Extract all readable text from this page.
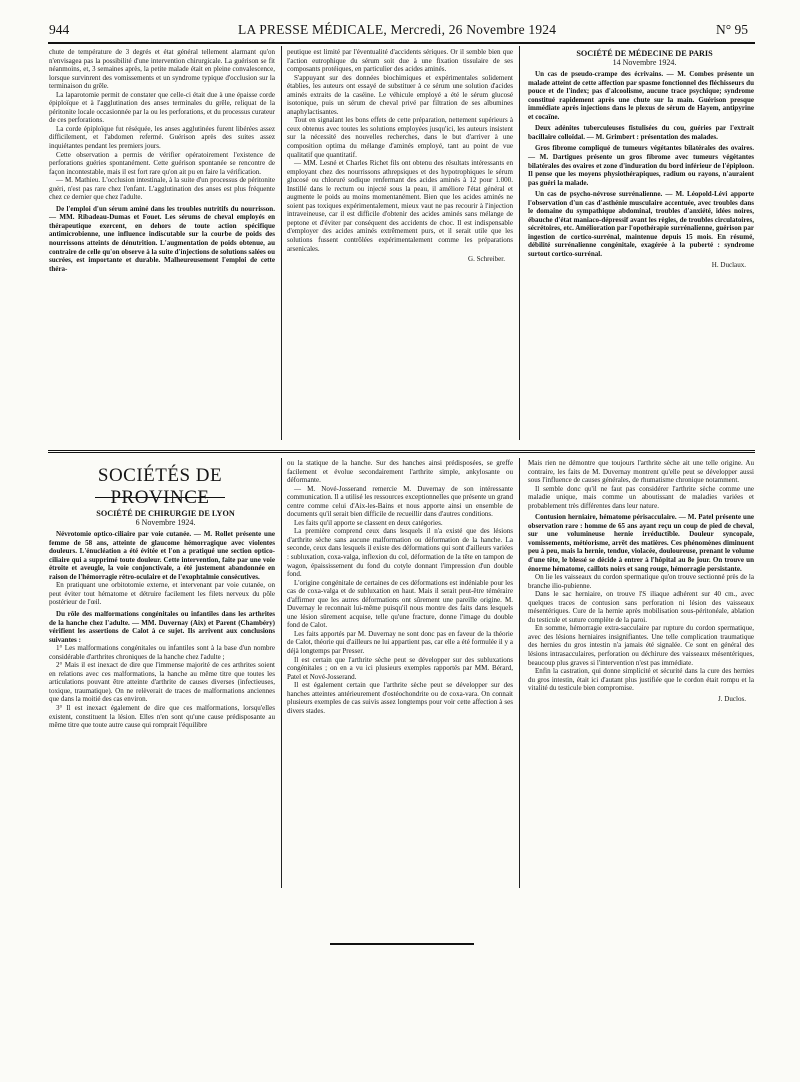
944	LA PRESSE MÉDICALE, Mercredi, 26 Novembre 1924	N° 95

chute de température de 3 degrés et état général tellement alarmant qu'on n'envisagea pas la possibilité d'une intervention chirurgicale. La guérison se fit néanmoins, et, 3 semaines après, la petite malade était en pleine convalescence, lorsque survinrent des vomissements et un syndrome typique d'occlusion sur la terminaison du grêle.

La laparotomie permit de constater que celle-ci était due à une épaisse corde épiploïque et à l'agglutination des anses terminales du grêle, reliquat de la péritonite locale occasionnée par la ou les perforations, et du processus curateur de ces perforations.

La corde épiploïque fut réséquée, les anses agglutinées furent libérées assez difficilement, et l'abdomen refermé. Guérison après des suites assez inquiétantes pendant les premiers jours.

Cette observation a permis de vérifier opératoirement l'existence de perforations guéries spontanément. Cette guérison spontanée se rencontre de façon incontestable, mais il est fort rare qu'on ait pu en faire la vérification.

— M. Mathieu. L'occlusion intestinale, à la suite d'un processus de péritonite guéri, n'est pas rare chez l'enfant. L'agglutination des anses est plus fréquente chez ce dernier que chez l'adulte.

De l'emploi d'un sérum aminé dans les troubles nutritifs du nourrisson. — MM. Ribadeau-Dumas et Fouet. Les sérums de cheval employés en thérapeutique exercent, en dehors de toute action spécifique antimicrobienne, une influence indiscutable sur la courbe de poids des nourrissons atteints de dénutrition. L'augmentation de poids obtenue, au contraire de celle qu'on observe à la suite d'injections de solutions salées ou sucrées, est importante et durable. Malheureusement l'emploi de cette théra-

peutique est limité par l'éventualité d'accidents sériques. Or il semble bien que l'action eutrophique du sérum soit due à une fixation tissulaire de ses composants protéiques, en particulier des acides aminés.

S'appuyant sur des données biochimiques et expérimentales solidement établies, les auteurs ont essayé de substituer à ce sérum une solution d'acides aminés extraits de la caséine. Le véhicule employé a été le sérum glucosé isotonique, puis un sérum de cheval privé par filtration de ses albumines anaphylactisantes.

Tout en signalant les bons effets de cette préparation, nettement supérieurs à ceux obtenus avec toutes les solutions employées jusqu'ici, les auteurs insistent sur la nécessité des nouvelles recherches, dans le but d'arriver à une composition optima du mélange d'aminés employé, tant au point de vue qualitatif que quantitatif.

— MM. Lesné et Charles Richet fils ont obtenu des résultats intéressants en employant chez des nourrissons athrepsiques et des hypotrophiques le sérum glucosé ou chloruré sodique renfermant des acides aminés à 12 pour 1.000. Instillé dans le rectum ou injecté sous la peau, il améliore l'état général et augmente le poids au moins momentanément. Bien que les acides aminés ne soient pas toxiques expérimentalement, mieux vaut ne pas recourir à l'injection intraveineuse, car il est difficile d'obtenir des acides aminés sans mélange de peptone et d'éviter par conséquent des accidents de choc. Il est indispensable d'employer des acides aminés extrêmement purs, et il serait utile que les solutions fussent contrôlées expérimentalement comme les préparations arsenicales.

G. Schreiber.

SOCIÉTÉ DE MÉDECINE DE PARIS

14 Novembre 1924.

Un cas de pseudo-crampe des écrivains. — M. Combes présente un malade atteint de cette affection par spasme fonctionnel des fléchisseurs du pouce et de l'index; pas d'alcoolisme, aucune trace psychique; syndrome constitué rapidement après une chute sur la main. Guérison presque immédiate après injections dans le plexus de sérum de Hayem, antipyrine et cocaïne.

Deux adénites tuberculeuses fistulisées du cou, guéries par l'extrait bacillaire colloïdal. — M. Grimbert : présentation des malades.

Gros fibrome compliqué de tumeurs végétantes bilatérales des ovaires. — M. Dartigues présente un gros fibrome avec tumeurs végétantes bilatérales des ovaires et zone d'induration du bord inférieur de l'épiploon. Il pense que les moyens physiothérapiques, radium ou rayons, n'auraient pas guéri la malade.

Un cas de psycho-névrose surrénalienne. — M. Léopold-Lévi apporte l'observation d'un cas d'asthénie musculaire accentuée, avec troubles dans le domaine du sympathique abdominal, troubles d'anxiété, idées noires, ébauche d'état maniaco-dépressif avant les règles, de troubles circulatoires, sécrétoires, etc. Amélioration par l'opothérapie surrénalienne, guérison par ingestion de cortico-surrénal, maintenue depuis 15 mois. En résumé, débilité surrénalienne congénitale, exagérée à la puberté : syndrome surtout cortico-surrénal.

H. Duclaux.

SOCIÉTÉS DE PROVINCE

SOCIÉTÉ DE CHIRURGIE DE LYON

6 Novembre 1924.

Névrotomie optico-ciliaire par voie cutanée. — M. Rollet présente une femme de 58 ans, atteinte de glaucome hémorragique avec violentes douleurs. L'énucléation a été évitée et l'on a pratiqué une section optico-ciliaire qui a supprimé toute douleur. Cette intervention, faite par une voie étroite et aveugle, la voie conjonctivale, a été justement abandonnée en raison de l'hémorragie rétro-oculaire et de l'exophtalmie consécutives.

En pratiquant une orbitotomie externe, et intervenant par voie cutanée, on peut éviter tout hématome et détruire facilement les filets nerveux du pôle postérieur de l'œil.

Du rôle des malformations congénitales ou infantiles dans les arthrites de la hanche chez l'adulte. — MM. Duvernay (Aix) et Parent (Chambéry) vérifient les assertions de Calot à ce sujet. Ils arrivent aux conclusions suivantes :

1° Les malformations congénitales ou infantiles sont à la base d'un nombre considérable d'arthrites chroniques de la hanche chez l'adulte ;

2° Mais il est inexact de dire que l'immense majorité de ces arthrites soient en relations avec ces malformations, la hanche au même titre que toutes les articulations pouvant être atteinte d'arthrite de causes diverses (infectieuses, toxique, traumatique). On ne relèverait de traces de malformations anciennes que dans la moitié des cas environ.

3° Il est inexact également de dire que ces malformations, lorsqu'elles existent, constituent la lésion. Elles n'en sont qu'une cause prédisposante au même titre que toute autre cause qui romprait l'équilibre

ou la statique de la hanche. Sur des hanches ainsi prédisposées, se greffe facilement et évolue secondairement l'arthrite simple, ankylosante ou déformante.

— M. Nové-Josserand remercie M. Duvernay de son intéressante communication. Il a utilisé les ressources exceptionnelles que présente un grand centre comme celui d'Aix-les-Bains et nous apporte ainsi un ensemble de documents qu'il serait bien difficile de recueillir dans d'autres conditions.

Les faits qu'il apporte se classent en deux catégories.

La première comprend ceux dans lesquels il n'a existé que des lésions d'arthrite sèche sans aucune malformation ou déformation de la hanche. La seconde, ceux dans lesquels il existe des déformations qui sont d'ailleurs variées : subluxation, coxa-valga, inflexion du col, déformation de la tête en tampon de wagon, épaississement du fond du cotyle donnant l'impression d'un double fond.

L'origine congénitale de certaines de ces déformations est indéniable pour les cas de coxa-valga et de subluxation en haut. Mais il serait peut-être téméraire d'affirmer que les autres déformations ont sûrement une pareille origine. M. Duvernay le reconnait lui-même puisqu'il nous montre des faits dans lesquels une lésion sûrement acquise, telle qu'une fracture, donne l'image du double fond de Calot.

Les faits apportés par M. Duvernay ne sont donc pas en faveur de la théorie de Calot, théorie qui d'ailleurs ne lui appartient pas, car elle a été formulée il y a déjà longtemps par Presser.

Il est certain que l'arthrite sèche peut se développer sur des subluxations congénitales ; on en a vu ici plusieurs exemples rapportés par MM. Bérard, Patel et Nové-Josserand.

Il est également certain que l'arthrite sèche peut se développer sur des hanches atteintes antérieurement d'ostéochondrite ou de coxa-vara. On connait plusieurs exemples de cas suivis assez longtemps pour voir cette affection à ses divers stades.

Mais rien ne démontre que toujours l'arthrite sèche ait une telle origine. Au contraire, les faits de M. Duvernay montrent qu'elle peut se développer aussi sous l'influence de causes générales, de rhumatisme chronique notamment.

Il semble donc qu'il ne faut pas considérer l'arthrite sèche comme une maladie unique, mais comme un aboutissant de maladies variées et probablement très différentes dans leur nature.

Contusion herniaire, hématome périsacculaire. — M. Patel présente une observation rare : homme de 65 ans ayant reçu un coup de pied de cheval, sur une volumineuse hernie irréductible. Douleur syncopale, vomissements, météorisme, arrêt des matières. Ces phénomènes diminuent peu à peu, mais la hernie, tendue, violacée, douloureuse, prenant le volume d'une tête, le blessé se décide à entrer à l'hôpital au 8e jour. On trouve un énorme hématome, caillots noirs et sang rouge, hémorragie persistante.

On lie les vaisseaux du cordon spermatique qu'on trouve sectionné près de la branche ilio-pubienne.

Dans le sac herniaire, on trouve l'S iliaque adhérent sur 40 cm., avec quelques traces de contusion sans perforation ni lésion des vaisseaux mésentériques. Cure de la hernie après mobilisation sous-péritonéale, ablation du testicule et suture complète de la paroi.

En somme, hémorragie extra-sacculaire par rupture du cordon spermatique, avec des lésions herniaires insignifiantes. Une telle complication traumatique des hernies du gros intestin n'a jamais été signalée. Ce sont en général des lésions intrasacculaires, perforation ou déchirure des vaisseaux mésentériques, beaucoup plus graves si l'intervention n'est pas immédiate.

Enfin la castration, qui donne simplicité et sécurité dans la cure des hernies du gros intestin, était ici d'autant plus justifiée que le cordon était rompu et la vitalité du testicule bien compromise.

J. Duclos.
